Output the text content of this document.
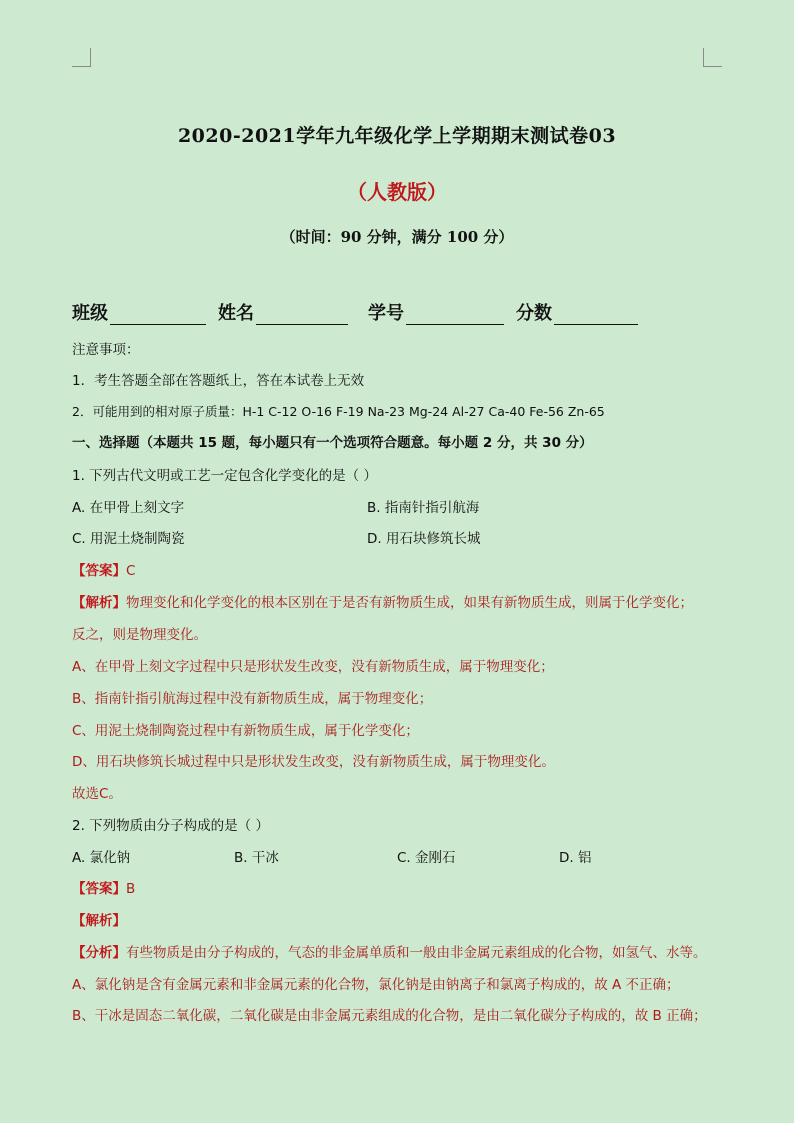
2020-2021学年九年级化学上学期期末测试卷03
（人教版）
（时间：90 分钟，满分 100 分）
班级	姓名	学号	分数
注意事项：
1．考生答题全部在答题纸上，答在本试卷上无效
2．可能用到的相对原子质量：H-1 C-12 O-16 F-19 Na-23 Mg-24 Al-27 Ca-40 Fe-56 Zn-65
一、选择题（本题共 15 题，每小题只有一个选项符合题意。每小题 2 分，共 30 分）
1. 下列古代文明或工艺一定包含化学变化的是（ ）
A. 在甲骨上刻文字	B. 指南针指引航海
C. 用泥土烧制陶瓷	D. 用石块修筑长城
【答案】C
【解析】物理变化和化学变化的根本区别在于是否有新物质生成，如果有新物质生成，则属于化学变化；
反之，则是物理变化。
A、在甲骨上刻文字过程中只是形状发生改变，没有新物质生成，属于物理变化；
B、指南针指引航海过程中没有新物质生成，属于物理变化；
C、用泥土烧制陶瓷过程中有新物质生成，属于化学变化；
D、用石块修筑长城过程中只是形状发生改变，没有新物质生成，属于物理变化。
故选C。
2. 下列物质由分子构成的是（ ）
A. 氯化钠	B. 干冰	C. 金刚石	D. 铝
【答案】B
【解析】
【分析】有些物质是由分子构成的，气态的非金属单质和一般由非金属元素组成的化合物，如氢气、水等。
A、氯化钠是含有金属元素和非金属元素的化合物，氯化钠是由钠离子和氯离子构成的，故 A 不正确；
B、干冰是固态二氧化碳，二氧化碳是由非金属元素组成的化合物，是由二氧化碳分子构成的，故 B 正确；
